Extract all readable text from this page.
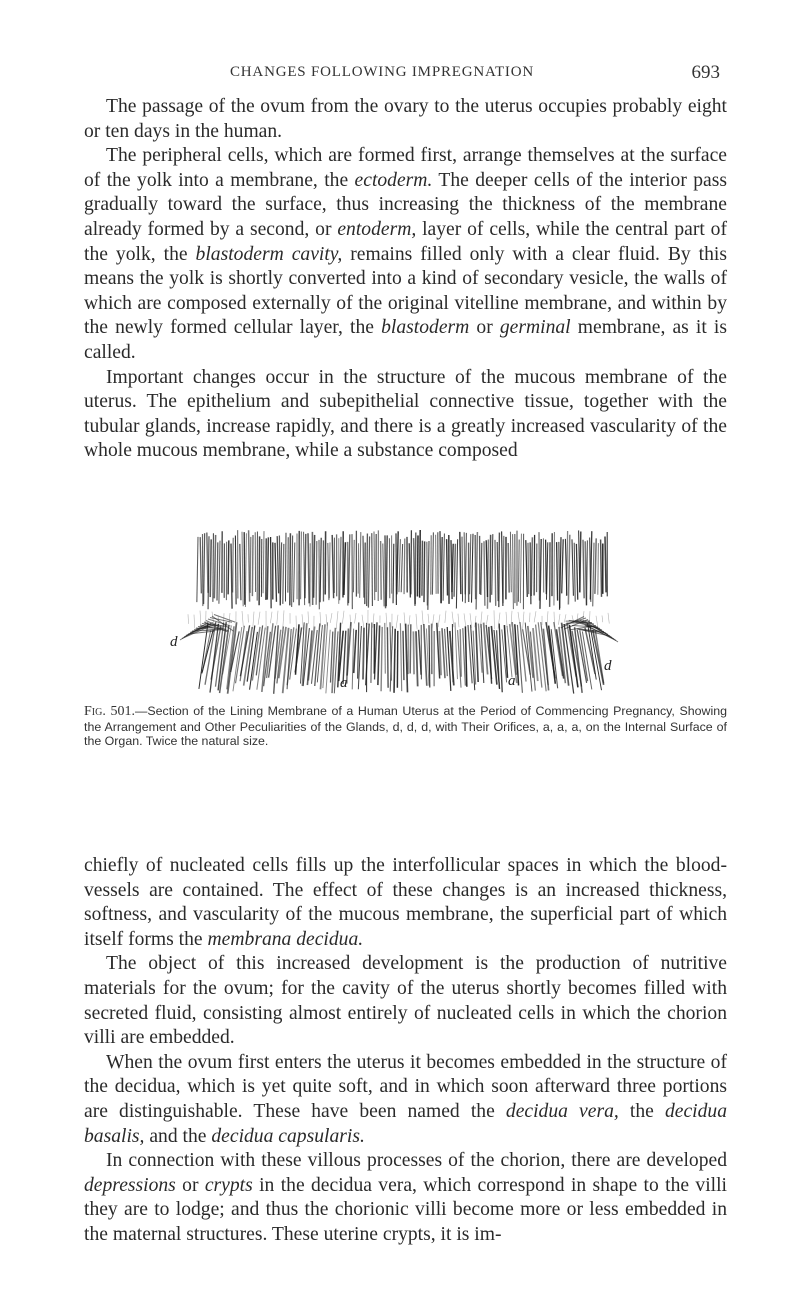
CHANGES FOLLOWING IMPREGNATION	693

The passage of the ovum from the ovary to the uterus occupies probably eight or ten days in the human.

The peripheral cells, which are formed first, arrange themselves at the surface of the yolk into a membrane, the ectoderm. The deeper cells of the interior pass gradually toward the surface, thus increasing the thickness of the membrane already formed by a second, or entoderm, layer of cells, while the central part of the yolk, the blastoderm cavity, remains filled only with a clear fluid. By this means the yolk is shortly converted into a kind of secondary vesicle, the walls of which are composed externally of the original vitelline membrane, and within by the newly formed cellular layer, the blastoderm or germinal membrane, as it is called.

Important changes occur in the structure of the mucous membrane of the uterus. The epithelium and subepithelial connective tissue, together with the tubular glands, increase rapidly, and there is a greatly increased vascularity of the whole mucous membrane, while a substance composed

d
a	a
d
Fig. 501.—Section of the Lining Membrane of a Human Uterus at the Period of Commencing Pregnancy, Showing the Arrangement and Other Peculiarities of the Glands, d, d, d, with Their Orifices, a, a, a, on the Internal Surface of the Organ. Twice the natural size.

chiefly of nucleated cells fills up the interfollicular spaces in which the blood-vessels are contained. The effect of these changes is an increased thickness, softness, and vascularity of the mucous membrane, the superficial part of which itself forms the membrana decidua.

The object of this increased development is the production of nutritive materials for the ovum; for the cavity of the uterus shortly becomes filled with secreted fluid, consisting almost entirely of nucleated cells in which the chorion villi are embedded.

When the ovum first enters the uterus it becomes embedded in the structure of the decidua, which is yet quite soft, and in which soon afterward three portions are distinguishable. These have been named the decidua vera, the decidua basalis, and the decidua capsularis.

In connection with these villous processes of the chorion, there are developed depressions or crypts in the decidua vera, which correspond in shape to the villi they are to lodge; and thus the chorionic villi become more or less embedded in the maternal structures. These uterine crypts, it is im-
